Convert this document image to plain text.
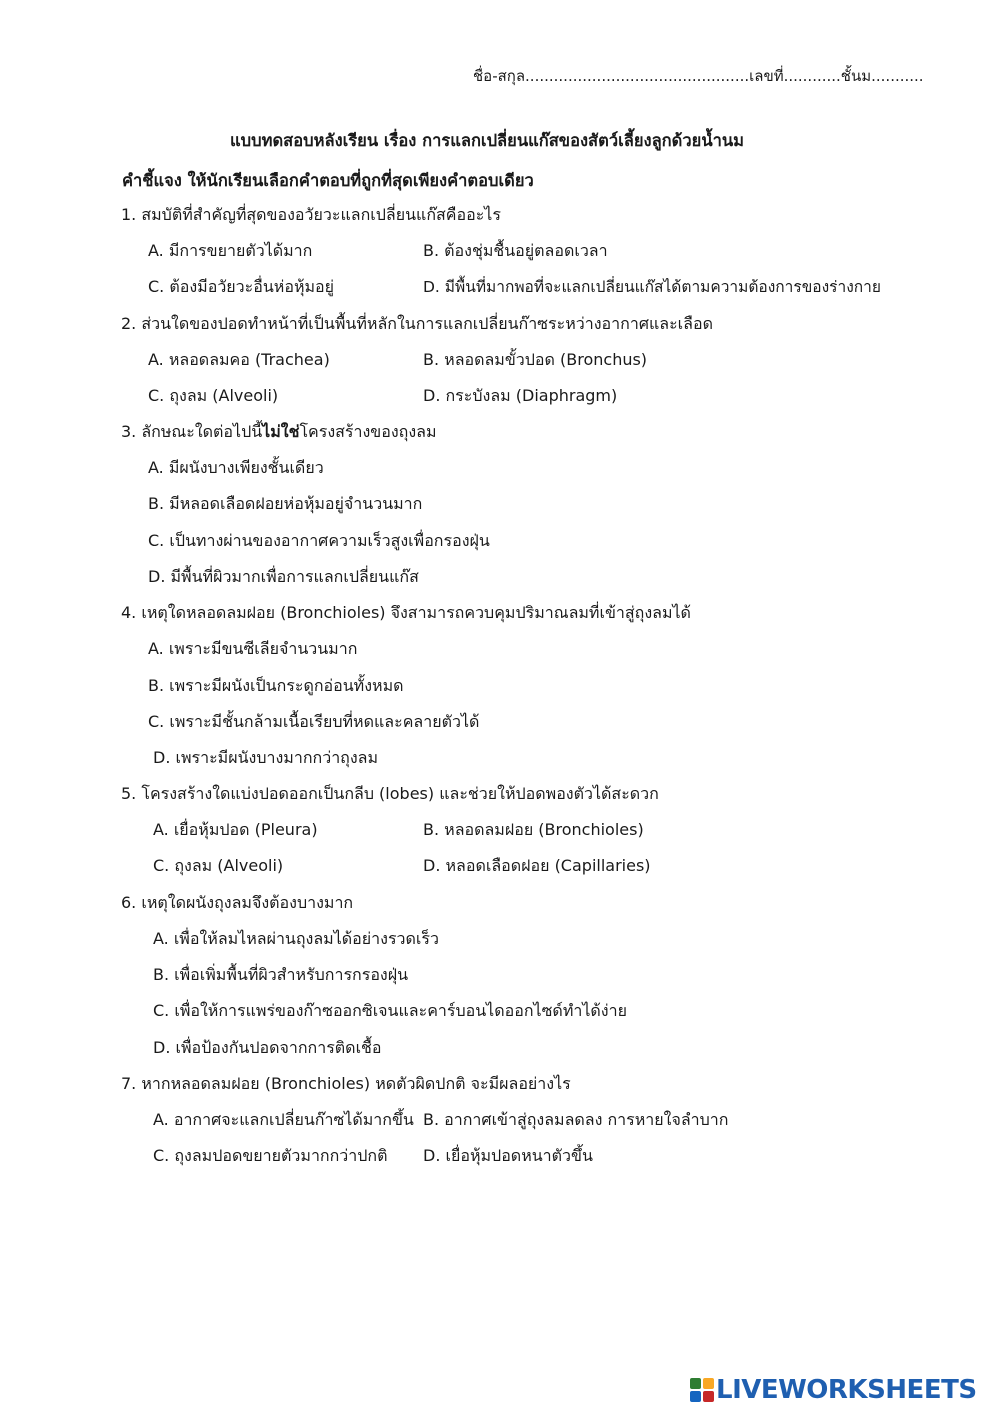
ชื่อ-สกุล...............................................เลขที่............ชั้นม...........
แบบทดสอบหลังเรียน เรื่อง การแลกเปลี่ยนแก๊สของสัตว์เลี้ยงลูกด้วยน้ำนม
คำชี้แจง ให้นักเรียนเลือกคำตอบที่ถูกที่สุดเพียงคำตอบเดียว
1. สมบัติที่สำคัญที่สุดของอวัยวะแลกเปลี่ยนแก๊สคืออะไร
A. มีการขยายตัวได้มาก	B. ต้องชุ่มชื้นอยู่ตลอดเวลา
C. ต้องมีอวัยวะอื่นห่อหุ้มอยู่	D. มีพื้นที่มากพอที่จะแลกเปลี่ยนแก๊สได้ตามความต้องการของร่างกาย
2. ส่วนใดของปอดทำหน้าที่เป็นพื้นที่หลักในการแลกเปลี่ยนก๊าซระหว่างอากาศและเลือด
A. หลอดลมคอ (Trachea)	B. หลอดลมขั้วปอด (Bronchus)
C. ถุงลม (Alveoli)	D. กระบังลม (Diaphragm)
3. ลักษณะใดต่อไปนี้ไม่ใช่โครงสร้างของถุงลม
A. มีผนังบางเพียงชั้นเดียว
B. มีหลอดเลือดฝอยห่อหุ้มอยู่จำนวนมาก
C. เป็นทางผ่านของอากาศความเร็วสูงเพื่อกรองฝุ่น
D. มีพื้นที่ผิวมากเพื่อการแลกเปลี่ยนแก๊ส
4. เหตุใดหลอดลมฝอย (Bronchioles) จึงสามารถควบคุมปริมาณลมที่เข้าสู่ถุงลมได้
A. เพราะมีขนซีเลียจำนวนมาก
B. เพราะมีผนังเป็นกระดูกอ่อนทั้งหมด
C. เพราะมีชั้นกล้ามเนื้อเรียบที่หดและคลายตัวได้
D. เพราะมีผนังบางมากกว่าถุงลม
5. โครงสร้างใดแบ่งปอดออกเป็นกลีบ (lobes) และช่วยให้ปอดพองตัวได้สะดวก
A. เยื่อหุ้มปอด (Pleura)	B. หลอดลมฝอย (Bronchioles)
C. ถุงลม (Alveoli)	D. หลอดเลือดฝอย (Capillaries)
6. เหตุใดผนังถุงลมจึงต้องบางมาก
A. เพื่อให้ลมไหลผ่านถุงลมได้อย่างรวดเร็ว
B. เพื่อเพิ่มพื้นที่ผิวสำหรับการกรองฝุ่น
C. เพื่อให้การแพร่ของก๊าซออกซิเจนและคาร์บอนไดออกไซด์ทำได้ง่าย
D. เพื่อป้องกันปอดจากการติดเชื้อ
7. หากหลอดลมฝอย (Bronchioles) หดตัวผิดปกติ จะมีผลอย่างไร
A. อากาศจะแลกเปลี่ยนก๊าซได้มากขึ้น B. อากาศเข้าสู่ถุงลมลดลง การหายใจลำบาก
C. ถุงลมปอดขยายตัวมากกว่าปกติ D. เยื่อหุ้มปอดหนาตัวขึ้น
LIVEWORKSHEETS
